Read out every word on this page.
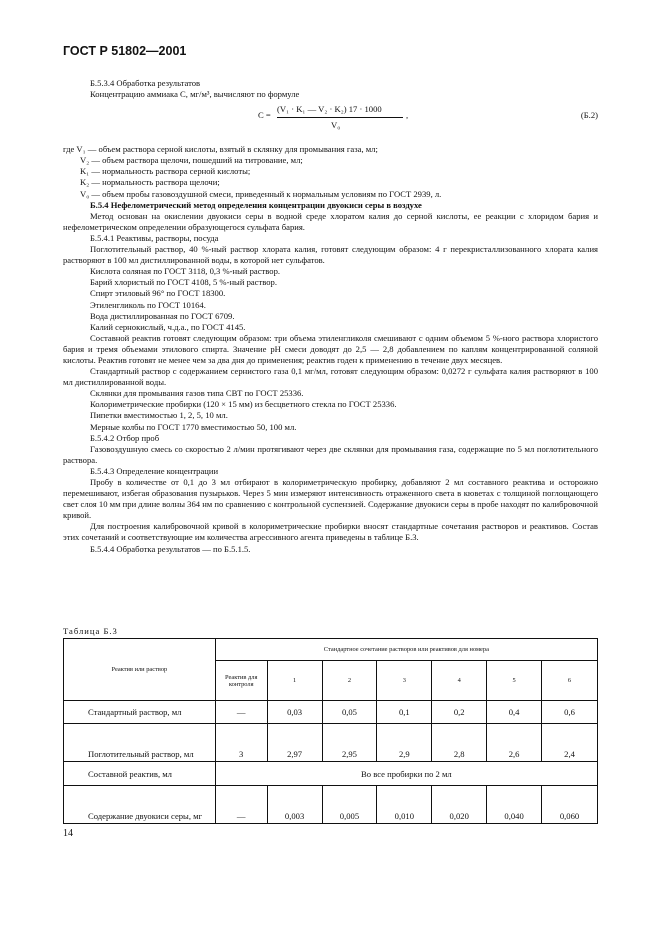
ГОСТ Р 51802—2001

Б.5.3.4 Обработка результатов

Концентрацию аммиака С, мг/м³, вычисляют по формуле

C =
(V₁ · K₁ — V₂ · K₂) 17 · 1000
V₀
,	(Б.2)
где V₁ — объем раствора серной кислоты, взятый в склянку для промывания газа, мл;
V₂ — объем раствора щелочи, пошедший на титрование, мл;
K₁ — нормальность раствора серной кислоты;
K₂ — нормальность раствора щелочи;
V₀ — объем пробы газовоздушной смеси, приведенный к нормальным условиям по ГОСТ 2939, л.

Б.5.4 Нефелометрический метод определения концентрации двуокиси серы в воздухе

Метод основан на окислении двуокиси серы в водной среде хлоратом калия до серной кислоты, ее реакции с хлоридом бария и нефелометрическом определении образующегося сульфата бария.

Б.5.4.1 Реактивы, растворы, посуда

Поглотительный раствор, 40 %-ный раствор хлората калия, готовят следующим образом: 4 г перекристаллизованного хлората калия растворяют в 100 мл дистиллированной воды, в которой нет сульфатов.

Кислота соляная по ГОСТ 3118, 0,3 %-ный раствор.

Барий хлористый по ГОСТ 4108, 5 %-ный раствор.

Спирт этиловый 96° по ГОСТ 18300.

Этиленгликоль по ГОСТ 10164.

Вода дистиллированная по ГОСТ 6709.

Калий сернокислый, ч.д.а., по ГОСТ 4145.

Составной реактив готовят следующим образом: три объема этиленгликоля смешивают с одним объемом 5 %-ного раствора хлористого бария и тремя объемами этилового спирта. Значение pH смеси доводят до 2,5 — 2,8 добавлением по каплям концентрированной соляной кислоты. Реактив готовят не менее чем за два дня до применения; реактив годен к применению в течение двух месяцев.

Стандартный раствор с содержанием сернистого газа 0,1 мг/мл, готовят следующим образом: 0,0272 г сульфата калия растворяют в 100 мл дистиллированной воды.

Склянки для промывания газов типа СВТ по ГОСТ 25336.

Колориметрические пробирки (120 × 15 мм) из бесцветного стекла по ГОСТ 25336.

Пипетки вместимостью 1, 2, 5, 10 мл.

Мерные колбы по ГОСТ 1770 вместимостью 50, 100 мл.

Б.5.4.2 Отбор проб

Газовоздушную смесь со скоростью 2 л/мин протягивают через две склянки для промывания газа, содержащие по 5 мл поглотительного раствора.

Б.5.4.3 Определение концентрации

Пробу в количестве от 0,1 до 3 мл отбирают в колориметрическую пробирку, добавляют 2 мл составного реактива и осторожно перемешивают, избегая образования пузырьков. Через 5 мин измеряют интенсивность отраженного света в кюветах с толщиной поглощающего свет слоя 10 мм при длине волны 364 нм по сравнению с контрольной суспензией. Содержание двуокиси серы в пробе находят по калибровочной кривой.

Для построения калибровочной кривой в колориметрические пробирки вносят стандартные сочетания растворов и реактивов. Состав этих сочетаний и соответствующие им количества агрессивного агента приведены в таблице Б.3.

Б.5.4.4 Обработка результатов — по Б.5.1.5.

Таблица Б.3
Реактив или раствор	Стандартное сочетание растворов или реактивов для номера						
	Реактив для контроля	1	2	3	4	5	6
Стандартный раствор, мл	—	0,03	0,05	0,1	0,2	0,4	0,6
Поглотительный раствор, мл	3	2,97	2,95	2,9	2,8	2,6	2,4
Составной реактив, мл	Во все пробирки по 2 мл						
Содержание двуокиси серы, мг	—	0,003	0,005	0,010	0,020	0,040	0,060
14
